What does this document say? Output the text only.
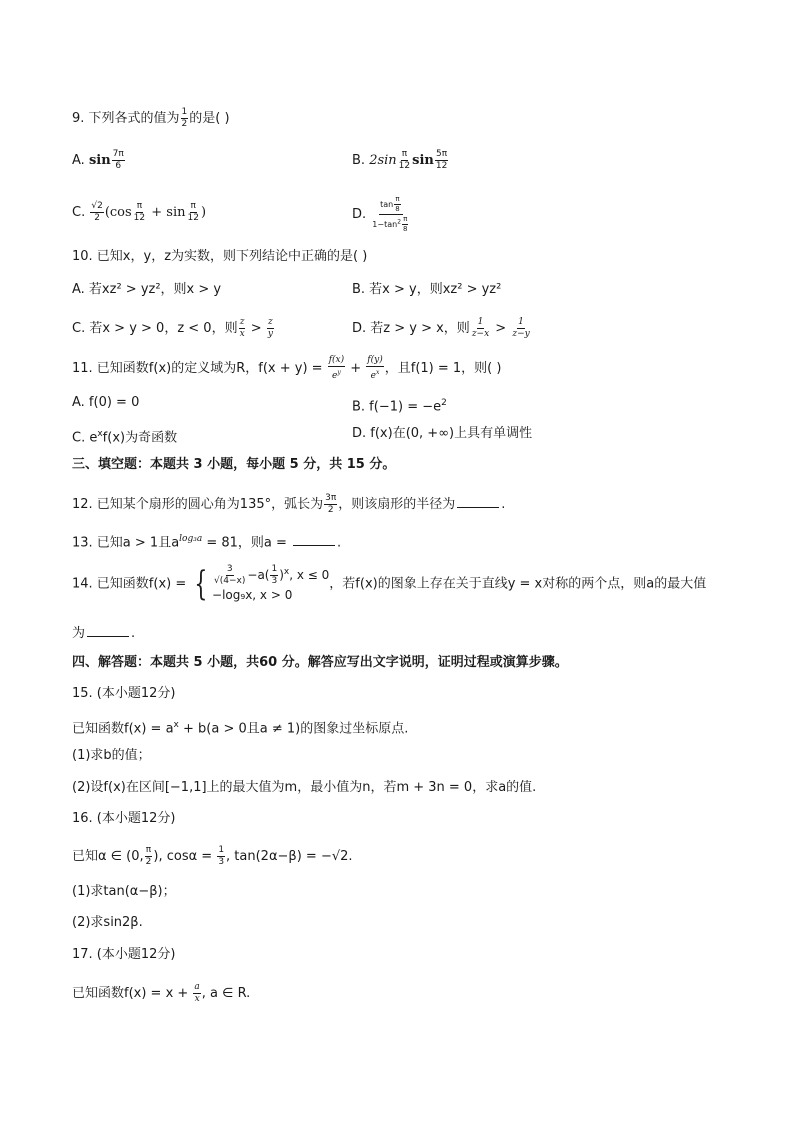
9. 下列各式的值为 $\frac{1}{2}$ 的是( )
A. $\sin \frac{7\pi}{6}$	B. $2\sin \frac{\pi}{12}$ $\sin \frac{5\pi}{12}$
C. $\frac{√2}{2} (\cos \frac{\pi}{12} + \sin \frac{\pi}{12}$ )	D. $\frac{\tan \frac{\pi}{8}}{1-\tan^2 \frac{\pi}{8}}$
10. 已知x，y，z为实数，则下列结论中正确的是( )
A. 若xz² > yz²，则x > y	B. 若x > y，则xz² > yz²
C. 若x > y > 0，z < 0，则 $\frac{z}{x} > \frac{z}{y}$	D. 若z > y > x，则 $\frac{1}{z-x} > \frac{1}{z-y}$
11. 已知函数f(x)的定义域为R，$f(x + y) = \frac{f(x)}{e^y} + \frac{f(y)}{e^x}$ ，且f(1) = 1，则( )
A. f(0) = 0	B. $f(-1) = -e^2$
C. $e^xf(x)$为奇函数	D. f(x)在(0, +∞)上具有单调性
三、填空题：本题共 3 小题，每小题 5 分，共 15 分。
12. 已知某个扇形的圆心角为135°，弧长为 $\frac{3\pi}{2}$ ，则该扇形的半径为	.
13. 已知a > 1且$a^{log_3a} = 81$，则a =	.
14. 已知函数f(x) = { $\frac{3}{√(4-x)} -a( \frac{1}{3} )^x$, x ≤ 0
−log₉x, x > 0
，若f(x)的图象上存在关于直线y = x对称的两个点，则a的最大值
为	.
四、解答题：本题共 5 小题，共60 分。解答应写出文字说明，证明过程或演算步骤。
15. (本小题12分)
已知函数$f(x) = a^x + b(a > 0$且a ≠ 1)的图象过坐标原点.
(1)求b的值；
(2)设f(x)在区间[−1,1]上的最大值为m，最小值为n，若m + 3n = 0，求a的值.
16. (本小题12分)
已知α ∈ (0, $\frac{\pi}{2}$ ), $\cos\alpha = \frac{1}{3}$ , tan(2α−β) = −√2.
(1)求tan(α−β)；
(2)求sin2β.
17. (本小题12分)
已知函数$f(x) = x + \frac{a}{x}$ , a ∈ R.
